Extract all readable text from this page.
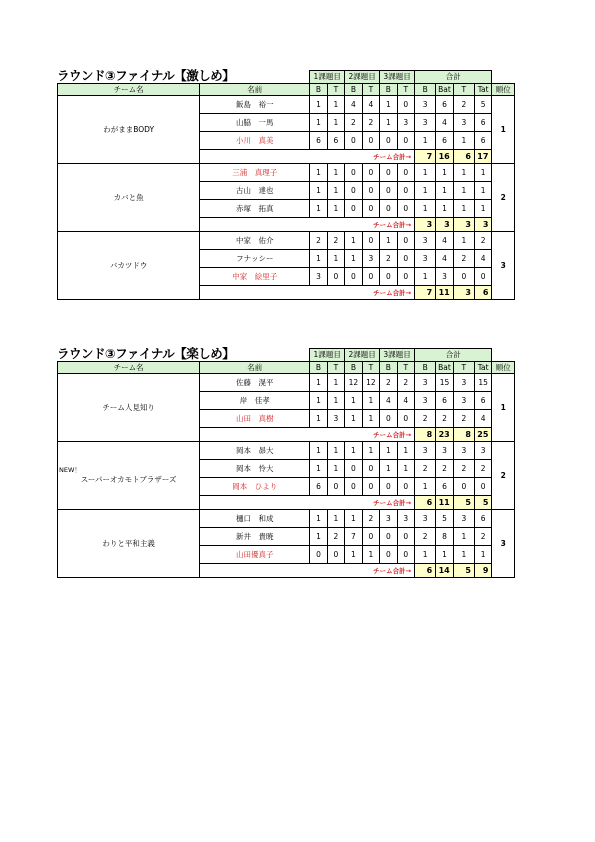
ラウンド③ファイナル【激しめ】
		1課題目		2課題目		3課題目		合計				
チーム名	名前	B	T	B	T	B	T	B	Bat	T	Tat	順位
わがままBODY	飯島　裕一	1	1	4	4	1	0	3	6	2	5	1
	山脇　一馬	1	1	2	2	1	3	3	4	3	6	
	小川　真美	6	6	0	0	0	0	1	6	1	6	
	チーム合計→							7	16	6	17	
カバと魚	三浦　真理子	1	1	0	0	0	0	1	1	1	1	2
	古山　達也	1	1	0	0	0	0	1	1	1	1	
	赤塚　拓真	1	1	0	0	0	0	1	1	1	1	
	チーム合計→							3	3	3	3	
バカツドウ	中家　佑介	2	2	1	0	1	0	3	4	1	2	3
	フナッシー	1	1	1	3	2	0	3	4	2	4	
	中家　絵里子	3	0	0	0	0	0	1	3	0	0	
	チーム合計→							7	11	3	6	
ラウンド③ファイナル【楽しめ】
		1課題目		2課題目		3課題目		合計				
チーム名	名前	B	T	B	T	B	T	B	Bat	T	Tat	順位
チーム人見知り	佐藤　滉平	1	1	12	12	2	2	3	15	3	15	1
	岸　佳孝	1	1	1	1	4	4	3	6	3	6	
	山田　真樹	1	3	1	1	0	0	2	2	2	4	
	チーム合計→							8	23	8	25	

NEW！
スーパーオカモトブラザーズ	岡本　昴大	1	1	1	1	1	1	3	3	3	3	2
	岡本　怜大	1	1	0	0	1	1	2	2	2	2	
	岡本　ひより	6	0	0	0	0	0	1	6	0	0	
	チーム合計→							6	11	5	5	
わりと平和主義	樋口　和成	1	1	1	2	3	3	3	5	3	6	3
	新井　貴暁	1	2	7	0	0	0	2	8	1	2	
	山田優真子	0	0	1	1	0	0	1	1	1	1	
	チーム合計→							6	14	5	9	
